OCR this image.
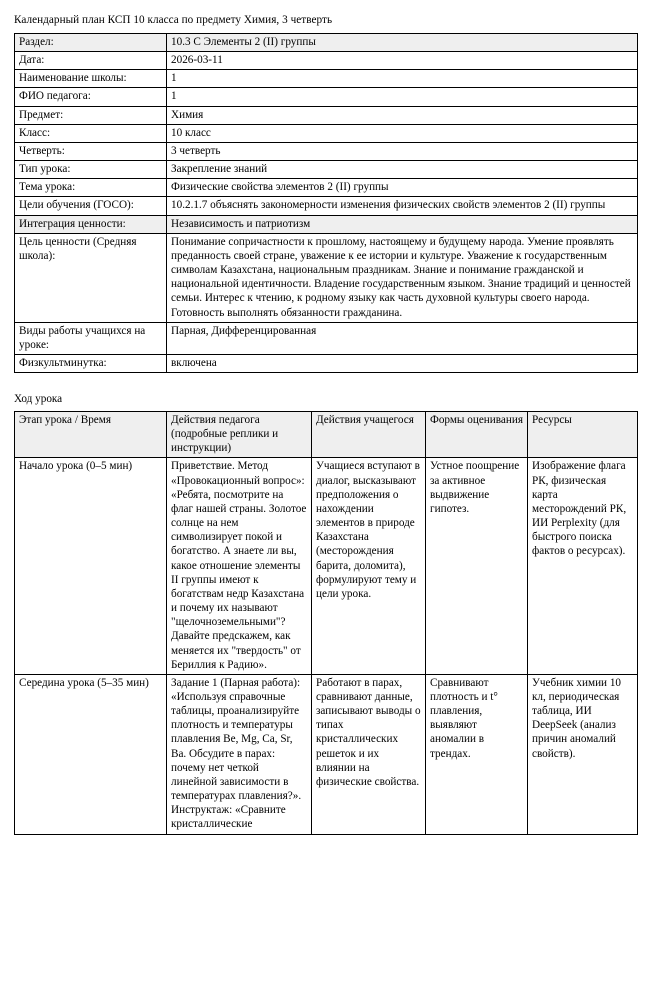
Календарный план КСП 10 класса по предмету Химия, 3 четверть
Раздел:	10.3 C Элементы 2 (II) группы
Дата:	2026-03-11
Наименование школы:	1
ФИО педагога:	1
Предмет:	Химия
Класс:	10 класс
Четверть:	3 четверть
Тип урока:	Закрепление знаний
Тема урока:	Физические свойства элементов 2 (II) группы
Цели обучения (ГОСО):	10.2.1.7 объяснять закономерности изменения физических свойств элементов 2 (II) группы
Интеграция ценности:	Независимость и патриотизм
Цель ценности (Средняя школа):	Понимание сопричастности к прошлому, настоящему и будущему народа. Умение проявлять преданность своей стране, уважение к ее истории и культуре. Уважение к государственным символам Казахстана, национальным праздникам. Знание и понимание гражданской и национальной идентичности. Владение государственным языком. Знание традиций и ценностей семьи. Интерес к чтению, к родному языку как часть духовной культуры своего народа. Готовность выполнять обязанности гражданина.
Виды работы учащихся на уроке:	Парная, Дифференцированная
Физкультминутка:	включена
Ход урока
Этап урока / Время	Действия педагога (подробные реплики и инструкции)	Действия учащегося	Формы оценивания	Ресурсы
Начало урока (0–5 мин)	Приветствие. Метод «Провокационный вопрос»: «Ребята, посмотрите на флаг нашей страны. Золотое солнце на нем символизирует покой и богатство. А знаете ли вы, какое отношение элементы II группы имеют к богатствам недр Казахстана и почему их называют "щелочноземельными"? Давайте предскажем, как меняется их "твердость" от Бериллия к Радию».	Учащиеся вступают в диалог, высказывают предположения о нахождении элементов в природе Казахстана (месторождения барита, доломита), формулируют тему и цели урока.	Устное поощрение за активное выдвижение гипотез.	Изображение флага РК, физическая карта месторождений РК, ИИ Perplexity (для быстрого поиска фактов о ресурсах).
Середина урока (5–35 мин)	Задание 1 (Парная работа): «Используя справочные таблицы, проанализируйте плотность и температуры плавления Be, Mg, Ca, Sr, Ba. Обсудите в парах: почему нет четкой линейной зависимости в температурах плавления?». Инструктаж: «Сравните кристаллические	Работают в парах, сравнивают данные, записывают выводы о типах кристаллических решеток и их влиянии на физические свойства.	Сравнивают плотность и t° плавления, выявляют аномалии в трендах.	Учебник химии 10 кл, периодическая таблица, ИИ DeepSeek (анализ причин аномалий свойств).
